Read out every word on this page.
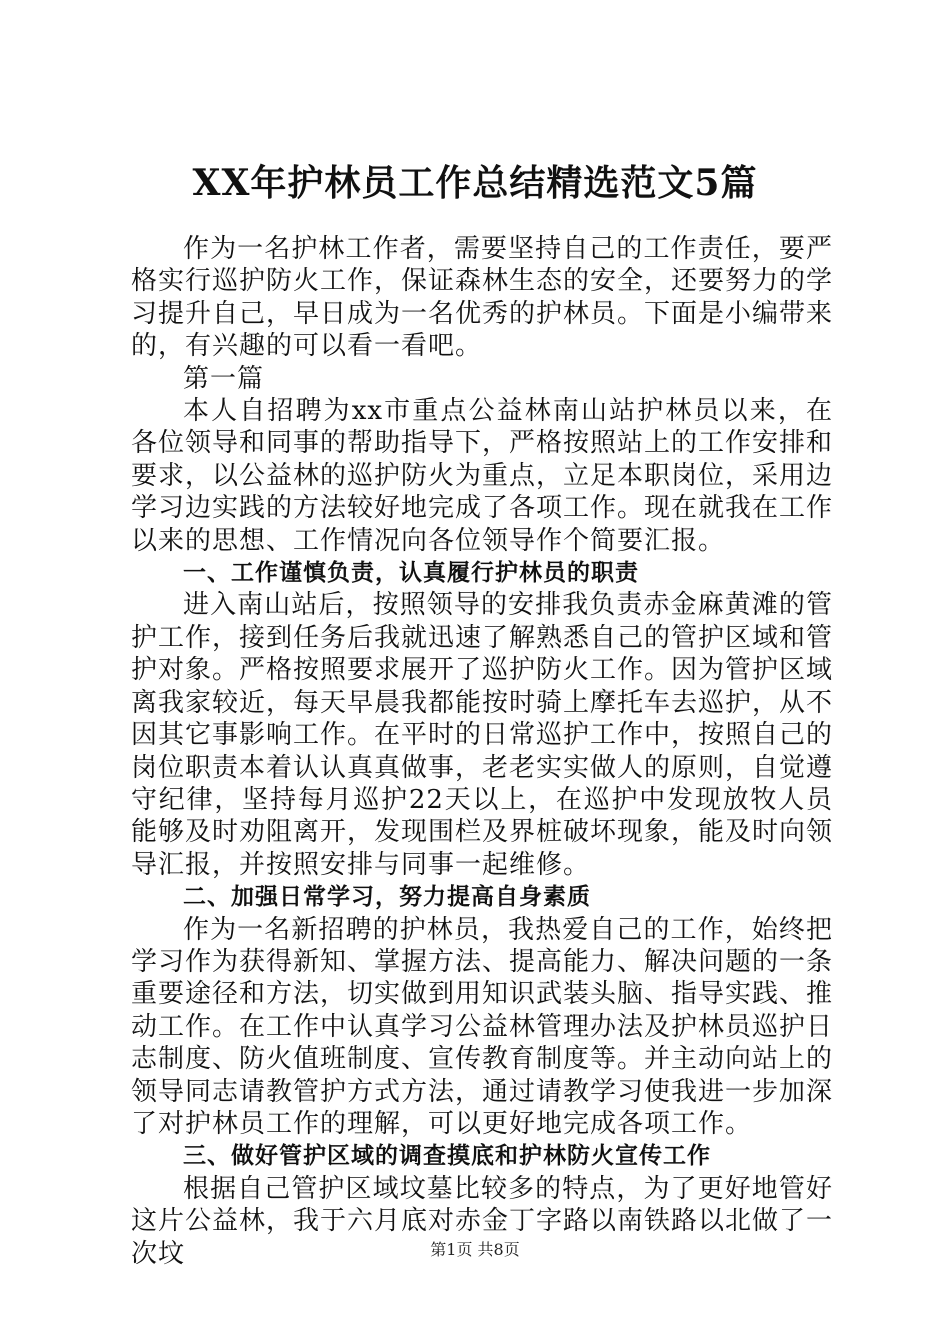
XX年护林员工作总结精选范文5篇

作为一名护林工作者，需要坚持自己的工作责任，要严格实行巡护防火工作，保证森林生态的安全，还要努力的学习提升自己，早日成为一名优秀的护林员。下面是小编带来的，有兴趣的可以看一看吧。

第一篇

本人自招聘为xx市重点公益林南山站护林员以来，在各位领导和同事的帮助指导下，严格按照站上的工作安排和要求，以公益林的巡护防火为重点，立足本职岗位，采用边学习边实践的方法较好地完成了各项工作。现在就我在工作以来的思想、工作情况向各位领导作个简要汇报。

一、工作谨慎负责，认真履行护林员的职责

进入南山站后，按照领导的安排我负责赤金麻黄滩的管护工作，接到任务后我就迅速了解熟悉自己的管护区域和管护对象。严格按照要求展开了巡护防火工作。因为管护区域离我家较近，每天早晨我都能按时骑上摩托车去巡护，从不因其它事影响工作。在平时的日常巡护工作中，按照自己的岗位职责本着认认真真做事，老老实实做人的原则，自觉遵守纪律，坚持每月巡护22天以上，在巡护中发现放牧人员能够及时劝阻离开，发现围栏及界桩破坏现象，能及时向领导汇报，并按照安排与同事一起维修。

二、加强日常学习，努力提高自身素质

作为一名新招聘的护林员，我热爱自己的工作，始终把学习作为获得新知、掌握方法、提高能力、解决问题的一条重要途径和方法，切实做到用知识武装头脑、指导实践、推动工作。在工作中认真学习公益林管理办法及护林员巡护日志制度、防火值班制度、宣传教育制度等。并主动向站上的领导同志请教管护方式方法，通过请教学习使我进一步加深了对护林员工作的理解，可以更好地完成各项工作。

三、做好管护区域的调查摸底和护林防火宣传工作

根据自己管护区域坟墓比较多的特点，为了更好地管好这片公益林，我于六月底对赤金丁字路以南铁路以北做了一次坟	第1页 共8页
